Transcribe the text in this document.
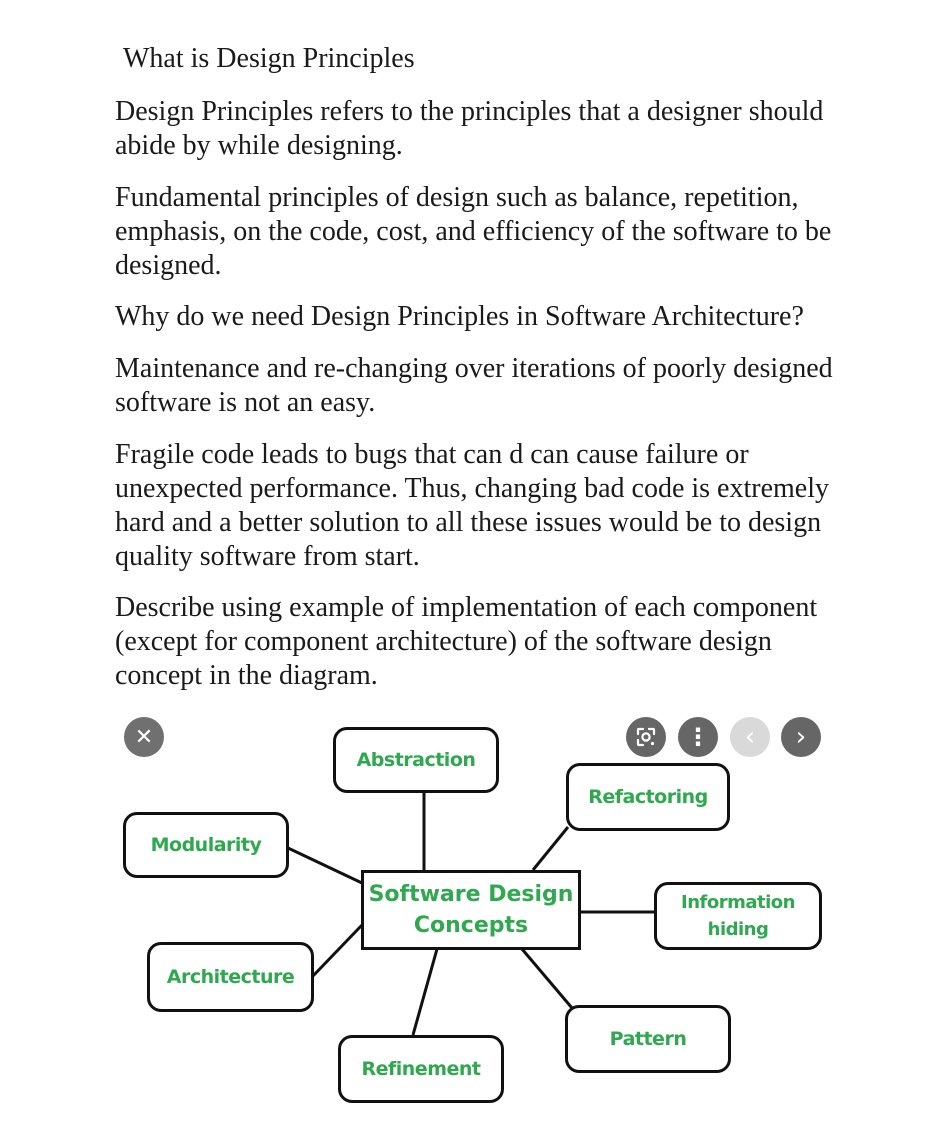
What is Design Principles

Design Principles refers to the principles that a designer should abide by while designing.

Fundamental principles of design such as balance, repetition, emphasis, on the code, cost, and efficiency of the software to be designed.

Why do we need Design Principles in Software Architecture?

Maintenance and re-changing over iterations of poorly designed software is not an easy.

Fragile code leads to bugs that can d can cause failure or unexpected performance. Thus, changing bad code is extremely hard and a better solution to all these issues would be to design quality software from start.

Describe using example of implementation of each component (except for component architecture) of the software design concept in the diagram.

Abstraction
Refactoring
Modularity
Software Design Concepts
Information hiding
Architecture
Pattern
Refinement
✕	⋮	‹	›
